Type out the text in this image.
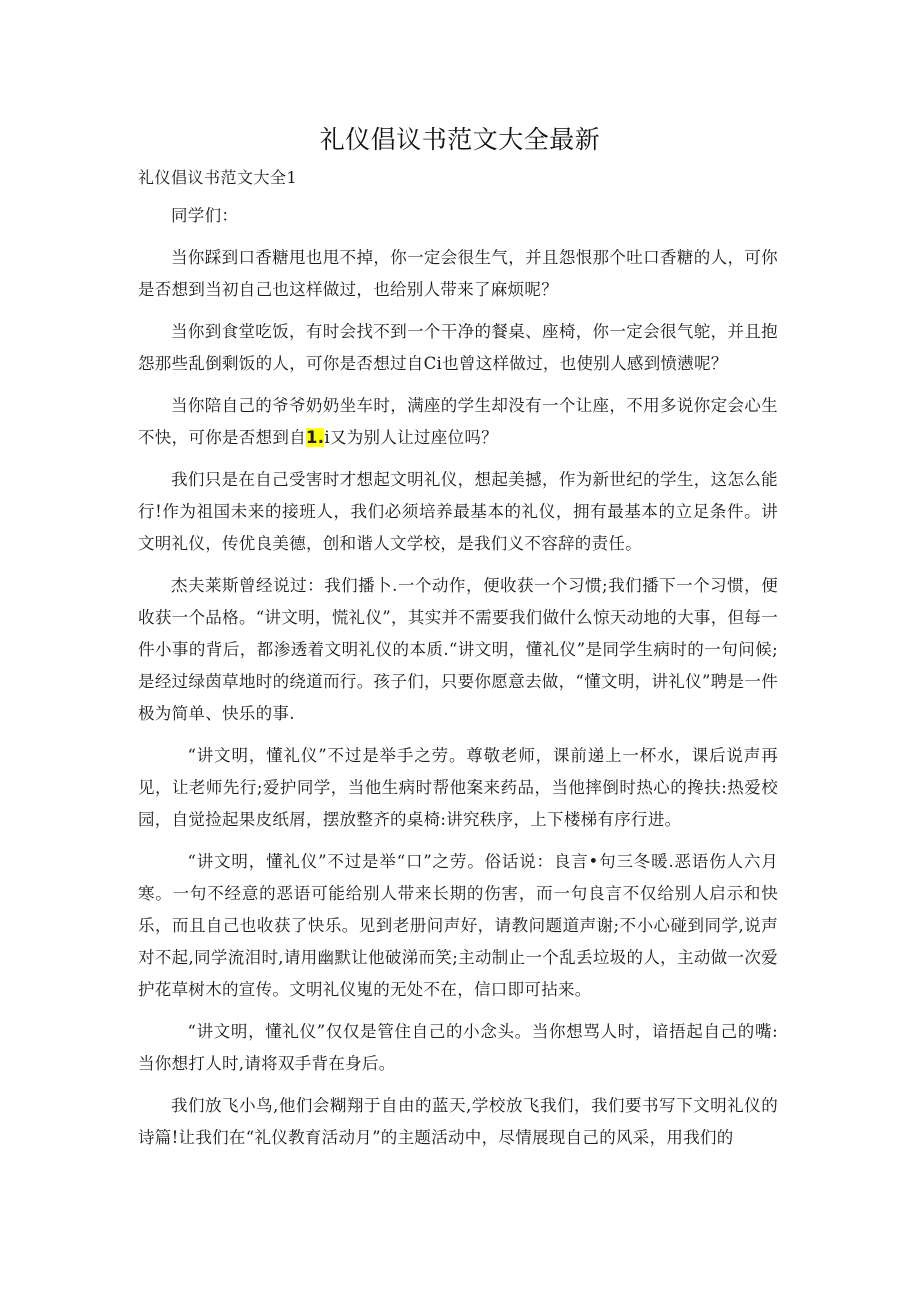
礼仪倡议书范文大全最新
礼仪倡议书范文大全1

同学们：

当你踩到口香糖甩也甩不掉，你一定会很生气，并且怨恨那个吐口香糖的人，可你是否想到当初自己也这样做过，也给别人带来了麻烦呢？

当你到食堂吃饭，有时会找不到一个干净的餐桌、座椅，你一定会很气鸵，并且抱怨那些乱倒剩饭的人，可你是否想过自Ci也曾这样做过，也使别人感到愤懑呢？

当你陪自己的爷爷奶奶坐车时，满座的学生却没有一个让座，不用多说你定会心生不快，可你是否想到自1.i又为别人让过座位吗？

我们只是在自己受害时才想起文明礼仪，想起美撼，作为新世纪的学生，这怎么能行!作为祖国未来的接班人，我们必须培养最基本的礼仪，拥有最基本的立足条件。讲文明礼仪，传优良美德，创和谐人文学校，是我们义不容辞的责任。

杰夫莱斯曾经说过：我们播卜.一个动作，便收获一个习惯;我们播下一个习惯，便收获一个品格。“讲文明，慌礼仪”，其实并不需要我们做什么惊天动地的大事，但每一件小事的背后，都渗透着文明礼仪的本质.“讲文明，懂礼仪”是同学生病时的一句问候;是经过绿茵草地时的绕道而行。孩子们，只要你愿意去做，“懂文明，讲礼仪”聘是一件极为简单、快乐的事.

“讲文明，懂礼仪”不过是举手之劳。尊敬老师，课前递上一杯水，课后说声再见，让老师先行;爱护同学，当他生病时帮他案来药品，当他摔倒时热心的搀扶:热爱校园，自觉捡起果皮纸屑，摆放整齐的桌椅:讲究秩序，上下楼梯有序行进。

“讲文明，懂礼仪”不过是举“口”之劳。俗话说：良言•句三冬暖.恶语伤人六月寒。一句不经意的恶语可能给别人带来长期的伤害，而一句良言不仅给别人启示和快乐，而且自己也收获了快乐。见到老册问声好，请教问题道声谢;不小心碰到同学,说声对不起,同学流泪时,请用幽默让他破涕而笑;主动制止一个乱丢垃圾的人，主动做一次爱护花草树木的宣传。文明礼仪嵬的无处不在，信口即可拈来。

“讲文明，懂礼仪”仅仅是管住自己的小念头。当你想骂人时，谙捂起自己的嘴:当你想打人时,请将双手背在身后。

我们放飞小鸟,他们会糊翔于自由的蓝天,学校放飞我们，我们要书写下文明礼仪的诗篇!让我们在“礼仪教育活动月”的主题活动中，尽情展现自己的风采，用我们的
